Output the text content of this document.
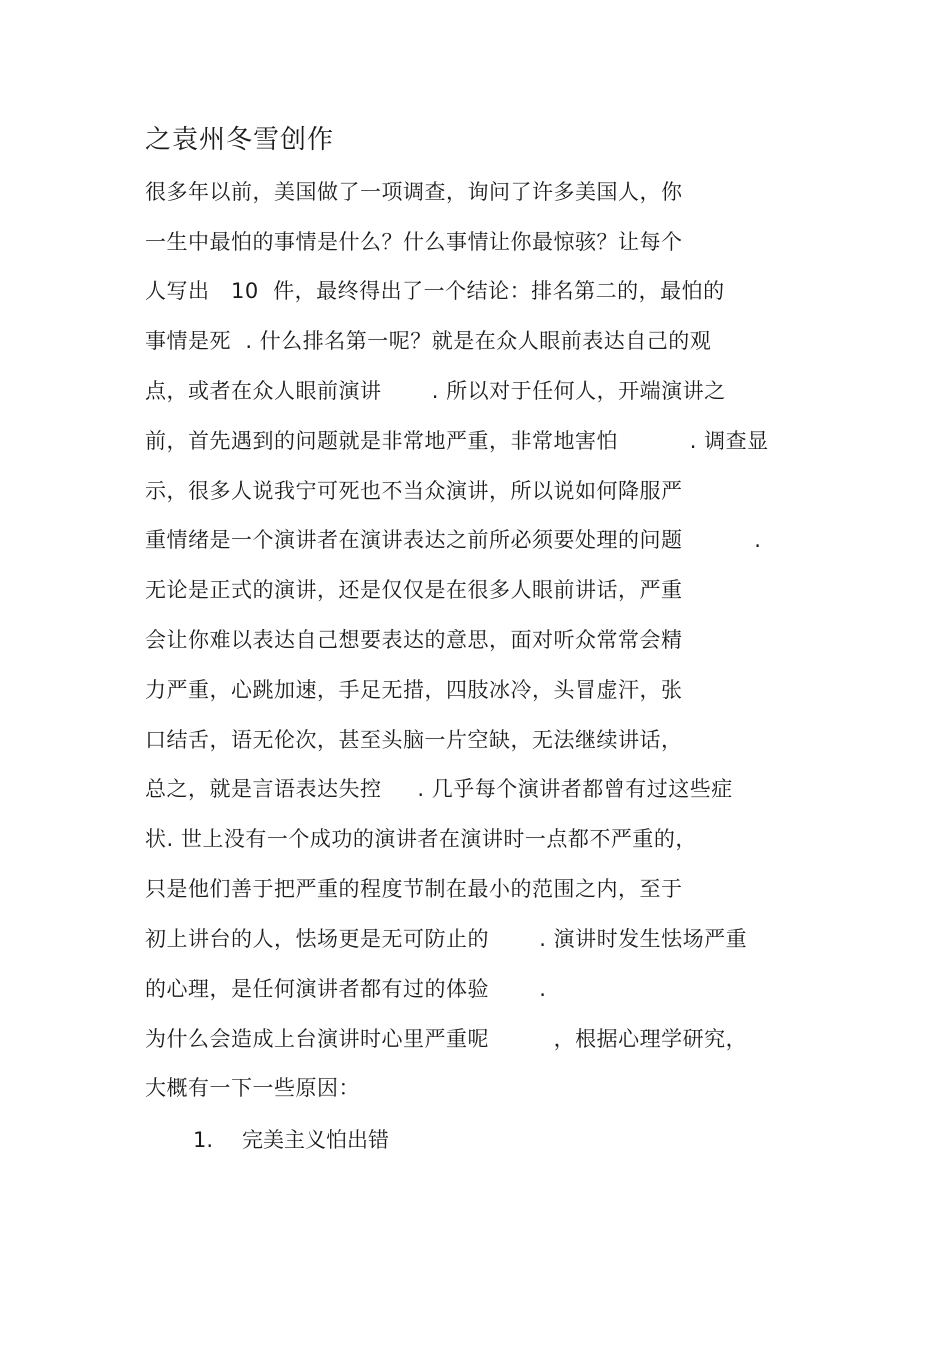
之袁州冬雪创作
很多年以前，美国做了一项调查，询问了许多美国人，你
一生中最怕的事情是什么？什么事情让你最惊骇？让每个
人写出   10  件，最终得出了一个结论：排名第二的，最怕的
事情是死  . 什么排名第一呢？就是在众人眼前表达自己的观
点，或者在众人眼前演讲       . 所以对于任何人，开端演讲之
前，首先遇到的问题就是非常地严重，非常地害怕          . 调查显
示，很多人说我宁可死也不当众演讲，所以说如何降服严
重情绪是一个演讲者在演讲表达之前所必须要处理的问题          .
无论是正式的演讲，还是仅仅是在很多人眼前讲话，严重
会让你难以表达自己想要表达的意思，面对听众常常会精
力严重，心跳加速，手足无措，四肢冰冷，头冒虚汗，张
口结舌，语无伦次，甚至头脑一片空缺，无法继续讲话，
总之，就是言语表达失控     . 几乎每个演讲者都曾有过这些症
状. 世上没有一个成功的演讲者在演讲时一点都不严重的，
只是他们善于把严重的程度节制在最小的范围之内，至于
初上讲台的人，怯场更是无可防止的       . 演讲时发生怯场严重
的心理，是任何演讲者都有过的体验       .
为什么会造成上台演讲时心里严重呢         ，根据心理学研究，
大概有一下一些原因：
1. 完美主义怕出错
